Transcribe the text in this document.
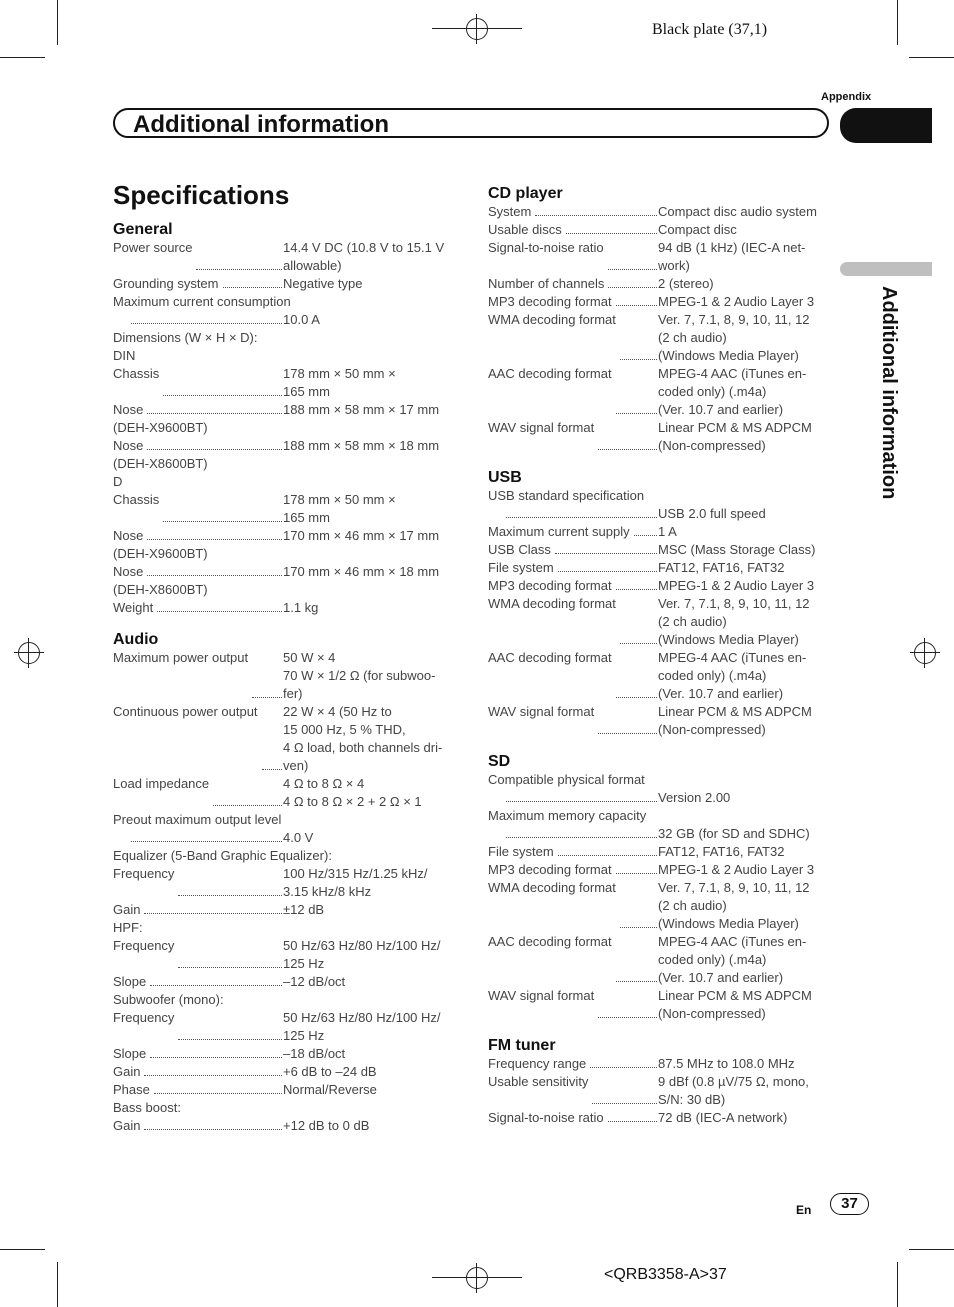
Black plate (37,1)
Appendix
Additional information
Additional information
Specifications
General
Power source	14.4 V DC (10.8 V to 15.1 V
allowable)
Grounding system	Negative type
Maximum current consumption
10.0 A
Dimensions (W × H × D):
DIN
Chassis	178 mm × 50 mm ×
165 mm
Nose	188 mm × 58 mm × 17 mm
(DEH-X9600BT)
Nose	188 mm × 58 mm × 18 mm
(DEH-X8600BT)
D
Chassis	178 mm × 50 mm ×
165 mm
Nose	170 mm × 46 mm × 17 mm
(DEH-X9600BT)
Nose	170 mm × 46 mm × 18 mm
(DEH-X8600BT)
Weight	1.1 kg
Audio
Maximum power output	50 W × 4
70 W × 1/2 Ω (for subwoo-
fer)
Continuous power output 22 W × 4 (50 Hz to
15 000 Hz, 5 % THD,
4 Ω load, both channels dri-
ven)
Load impedance	4 Ω to 8 Ω × 4
4 Ω to 8 Ω × 2 + 2 Ω × 1
Preout maximum output level
4.0 V
Equalizer (5-Band Graphic Equalizer):
Frequency	100 Hz/315 Hz/1.25 kHz/
3.15 kHz/8 kHz
Gain	±12 dB
HPF:
Frequency	50 Hz/63 Hz/80 Hz/100 Hz/
125 Hz
Slope	–12 dB/oct
Subwoofer (mono):
Frequency	50 Hz/63 Hz/80 Hz/100 Hz/
125 Hz
Slope	–18 dB/oct
Gain	+6 dB to –24 dB
Phase	Normal/Reverse
Bass boost:
Gain	+12 dB to 0 dB
CD player
System	Compact disc audio system
Usable discs	Compact disc
Signal-to-noise ratio	94 dB (1 kHz) (IEC-A net-
work)
Number of channels	2 (stereo)
MP3 decoding format	MPEG-1 & 2 Audio Layer 3
WMA decoding format	Ver. 7, 7.1, 8, 9, 10, 11, 12
(2 ch audio)
(Windows Media Player)
AAC decoding format	MPEG-4 AAC (iTunes en-
coded only) (.m4a)
(Ver. 10.7 and earlier)
WAV signal format	Linear PCM & MS ADPCM
(Non-compressed)
USB
USB standard specification
USB 2.0 full speed
Maximum current supply 1 A
USB Class	MSC (Mass Storage Class)
File system	FAT12, FAT16, FAT32
MP3 decoding format	MPEG-1 & 2 Audio Layer 3
WMA decoding format	Ver. 7, 7.1, 8, 9, 10, 11, 12
(2 ch audio)
(Windows Media Player)
AAC decoding format	MPEG-4 AAC (iTunes en-
coded only) (.m4a)
(Ver. 10.7 and earlier)
WAV signal format	Linear PCM & MS ADPCM
(Non-compressed)
SD
Compatible physical format
Version 2.00
Maximum memory capacity
32 GB (for SD and SDHC)
File system	FAT12, FAT16, FAT32
MP3 decoding format	MPEG-1 & 2 Audio Layer 3
WMA decoding format	Ver. 7, 7.1, 8, 9, 10, 11, 12
(2 ch audio)
(Windows Media Player)
AAC decoding format	MPEG-4 AAC (iTunes en-
coded only) (.m4a)
(Ver. 10.7 and earlier)
WAV signal format	Linear PCM & MS ADPCM
(Non-compressed)
FM tuner
Frequency range	87.5 MHz to 108.0 MHz
Usable sensitivity	9 dBf (0.8 µV/75 Ω, mono,
S/N: 30 dB)
Signal-to-noise ratio	72 dB (IEC-A network)
En	37
<QRB3358-A>37
